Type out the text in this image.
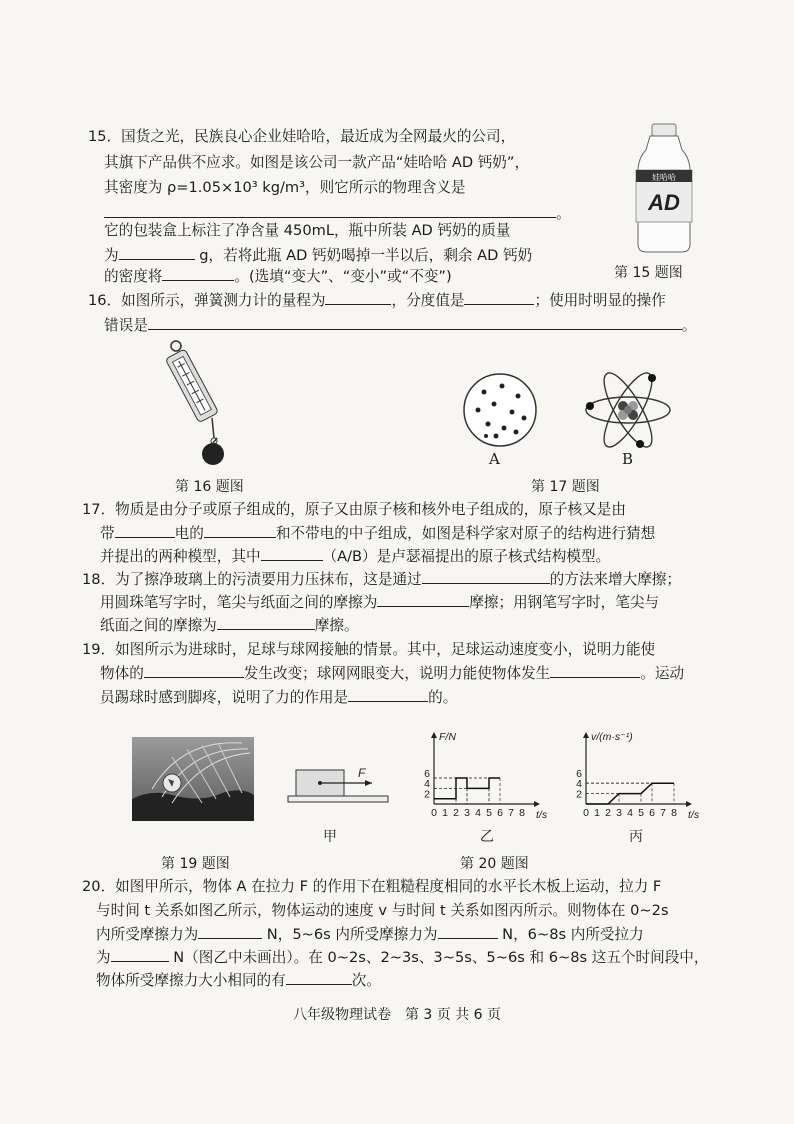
15．国货之光，民族良心企业娃哈哈，最近成为全网最火的公司，
其旗下产品供不应求。如图是该公司一款产品“娃哈哈 AD 钙奶”，
其密度为 ρ=1.05×10³ kg/m³，则它所示的物理含义是
。
它的包装盒上标注了净含量 450mL，瓶中所装 AD 钙奶的质量
为	g，若将此瓶 AD 钙奶喝掉一半以后，剩余 AD 钙奶
的密度将	。(选填“变大”、“变小”或“不变”)
娃哈哈
AD
第 15 题图
16．如图所示，弹簧测力计的量程为	，分度值是	；使用时明显的操作
错误是	。
第 16 题图
A	B
第 17 题图
17．物质是由分子或原子组成的，原子又由原子核和核外电子组成的，原子核又是由
带	电的	和不带电的中子组成，如图是科学家对原子的结构进行猜想
并提出的两种模型，其中	（A/B）是卢瑟福提出的原子核式结构模型。
18．为了擦净玻璃上的污渍要用力压抹布，这是通过	的方法来增大摩擦；
用圆珠笔写字时，笔尖与纸面之间的摩擦为	摩擦；用钢笔写字时，笔尖与
纸面之间的摩擦为	摩擦。
19．如图所示为进球时，足球与球网接触的情景。其中，足球运动速度变小，说明力能使
物体的	发生改变；球网网眼变大，说明力能使物体发生	。运动
员踢球时感到脚疼，说明了力的作用是	的。
第 19 题图
F
甲
0 1 2 3 4 5 6 7 8
2
4
6
F/N
t/s
乙
0 1 2 3 4 5 6 7 8
2
4
6
v/(m·s⁻¹)
t/s
丙
第 20 题图
20．如图甲所示，物体 A 在拉力 F 的作用下在粗糙程度相同的水平长木板上运动，拉力 F
与时间 t 关系如图乙所示，物体运动的速度 v 与时间 t 关系如图丙所示。则物体在 0~2s
内所受摩擦力为	N，5~6s 内所受摩擦力为	N，6~8s 内所受拉力
为	N（图乙中未画出）。在 0~2s、2~3s、3~5s、5~6s 和 6~8s 这五个时间段中，
物体所受摩擦力大小相同的有	次。
八年级物理试卷　第 3 页 共 6 页
